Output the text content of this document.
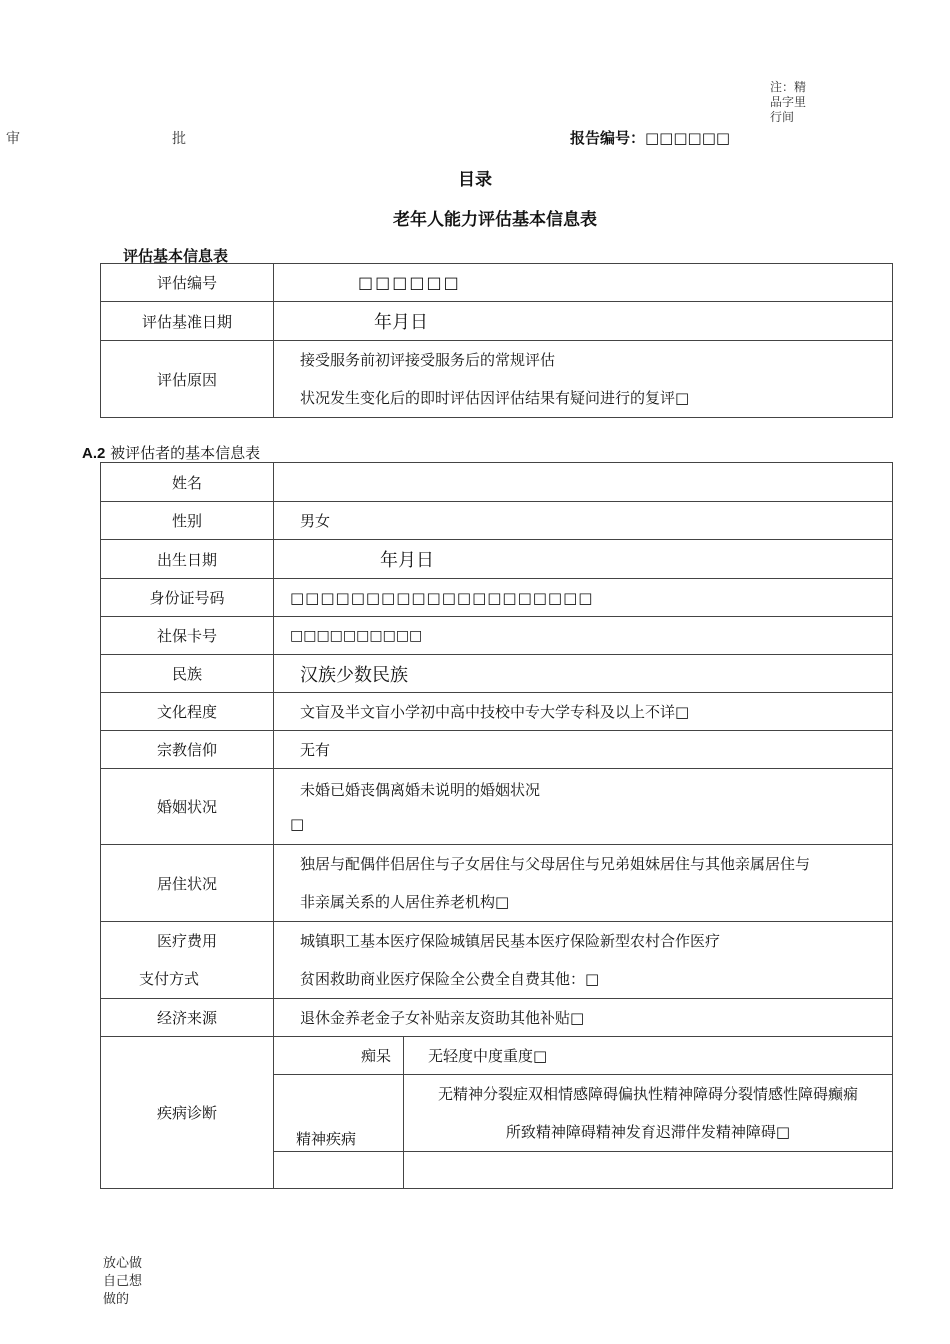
注：精品字里行间
审	批	报告编号：□□□□□□
目录
老年人能力评估基本信息表
评估基本信息表
评估编号	□□□□□□
评估基准日期	年月日
评估原因	接受服务前初评接受服务后的常规评估
状况发生变化后的即时评估因评估结果有疑问进行的复评□
A.2 被评估者的基本信息表
姓名		
性别	男女	
出生日期	年月日	
身份证号码	□□□□□□□□□□□□□□□□□□□□	
社保卡号	□□□□□□□□□□	
民族	汉族少数民族	
文化程度	文盲及半文盲小学初中高中技校中专大学专科及以上不详□	
宗教信仰	无有	
婚姻状况	未婚已婚丧偶离婚未说明的婚姻状况
□	

居住状况	独居与配偶伴侣居住与子女居住与父母居住与兄弟姐妹居住与其他亲属居住与
非亲属关系的人居住养老机构□	

医疗费用
支付方式	城镇职工基本医疗保险城镇居民基本医疗保险新型农村合作医疗
贫困救助商业医疗保险全公费全自费其他：□	

经济来源	退休金养老金子女补贴亲友资助其他补贴□	
疾病诊断	痴呆	无轻度中度重度□
	精神疾病	无精神分裂症双相情感障碍偏执性精神障碍分裂情感性障碍癫痫
所致精神障碍精神发育迟滞伴发精神障碍□

放心做自己想做的
